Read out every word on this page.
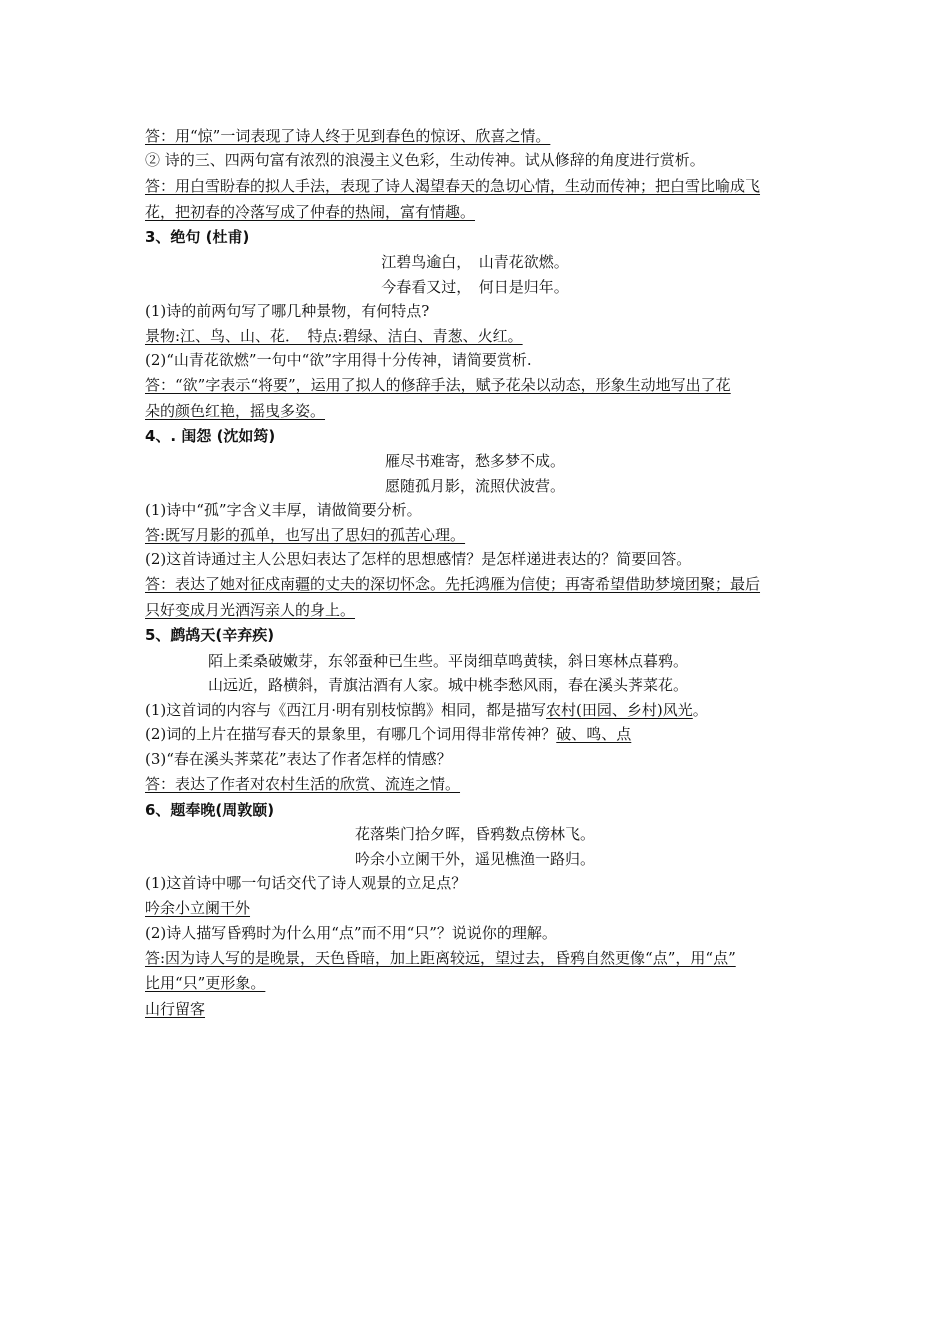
答：用“惊”一词表现了诗人终于见到春色的惊讶、欣喜之情。
② 诗的三、四两句富有浓烈的浪漫主义色彩，生动传神。试从修辞的角度进行赏析。
答：用白雪盼春的拟人手法，表现了诗人渴望春天的急切心情，生动而传神；把白雪比喻成飞
花，把初春的冷落写成了仲春的热闹，富有情趣。
3、绝句 (杜甫)
江碧鸟逾白，　山青花欲燃。
今春看又过，　何日是归年。
(1)诗的前两句写了哪几种景物，有何特点?
景物:江、鸟、山、花．　特点:碧绿、洁白、青葱、火红。
(2)“山青花欲燃”一句中“欲”字用得十分传神，请简要赏析.
答：“欲”字表示“将要”，运用了拟人的修辞手法，赋予花朵以动态，形象生动地写出了花
朵的颜色红艳，摇曳多姿。
4、. 闺怨 (沈如筠)
雁尽书难寄，愁多梦不成。
愿随孤月影，流照伏波营。
(1)诗中“孤”字含义丰厚，请做简要分析。
答:既写月影的孤单，也写出了思妇的孤苦心理。
(2)这首诗通过主人公思妇表达了怎样的思想感情？是怎样递进表达的？简要回答。
答：表达了她对征戍南疆的丈夫的深切怀念。先托鸿雁为信使；再寄希望借助梦境团聚；最后
只好变成月光洒泻亲人的身上。
5、鹧鸪天(辛弃疾)
陌上柔桑破嫩芽，东邻蚕种已生些。平岗细草鸣黄犊，斜日寒林点暮鸦。
山远近，路横斜，青旗沽酒有人家。城中桃李愁风雨，春在溪头荠菜花。
(1)这首词的内容与《西江月·明有别枝惊鹊》相同，都是描写农村(田园、乡村)风光。
(2)词的上片在描写春天的景象里，有哪几个词用得非常传神？破、鸣、点
(3)“春在溪头荠菜花”表达了作者怎样的情感？
答：表达了作者对农村生活的欣赏、流连之情。
6、题奉晚(周敦颐)
花落柴门拾夕晖，昏鸦数点傍林飞。
吟余小立阑干外，遥见樵渔一路归。
(1)这首诗中哪一句话交代了诗人观景的立足点？
吟余小立阑干外
(2)诗人描写昏鸦时为什么用“点”而不用“只”？说说你的理解。
答:因为诗人写的是晚景，天色昏暗，加上距离较远，望过去，昏鸦自然更像“点”，用“点”
比用“只”更形象。
山行留客
